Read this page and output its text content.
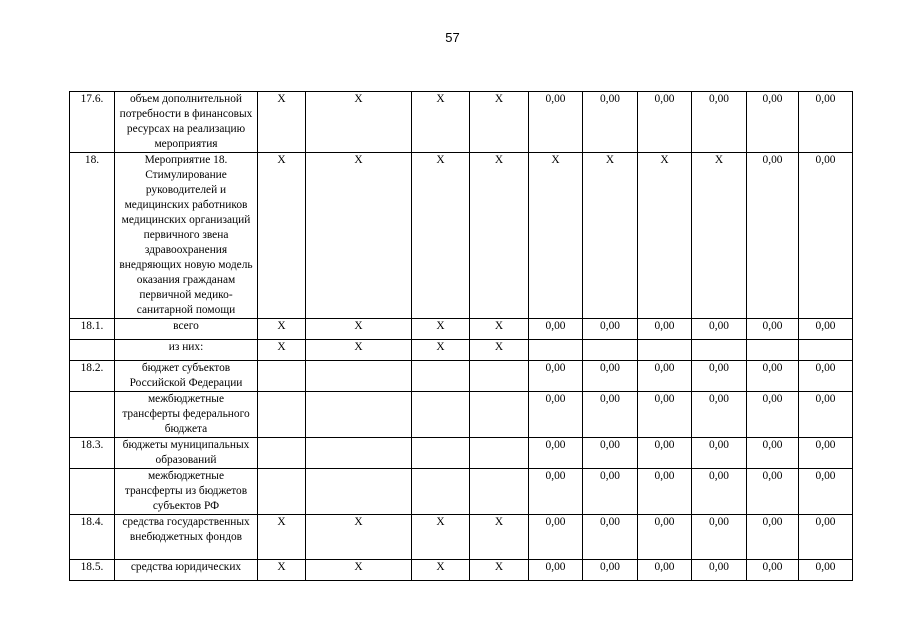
57
17.6.	объем дополнительной потребности в финансовых ресурсах на реализацию мероприятия	Х	Х	Х	Х	0,00	0,00	0,00	0,00	0,00	0,00
18.	Мероприятие 18. Стимулирование руководителей и медицинских работников медицинских организаций первичного звена здравоохранения внедряющих новую модель оказания гражданам первичной медико-санитарной помощи	Х	Х	Х	Х	Х	Х	Х	Х	0,00	0,00
18.1.	всего	Х	Х	Х	Х	0,00	0,00	0,00	0,00	0,00	0,00
	из них:	Х	Х	Х	Х						
18.2.	бюджет субъектов Российской Федерации					0,00	0,00	0,00	0,00	0,00	0,00
	межбюджетные трансферты федерального бюджета					0,00	0,00	0,00	0,00	0,00	0,00
18.3.	бюджеты муниципальных образований					0,00	0,00	0,00	0,00	0,00	0,00
	межбюджетные трансферты из бюджетов субъектов РФ					0,00	0,00	0,00	0,00	0,00	0,00
18.4.	средства государственных внебюджетных фондов	Х	Х	Х	Х	0,00	0,00	0,00	0,00	0,00	0,00
18.5.	средства юридических	Х	Х	Х	Х	0,00	0,00	0,00	0,00	0,00	0,00
